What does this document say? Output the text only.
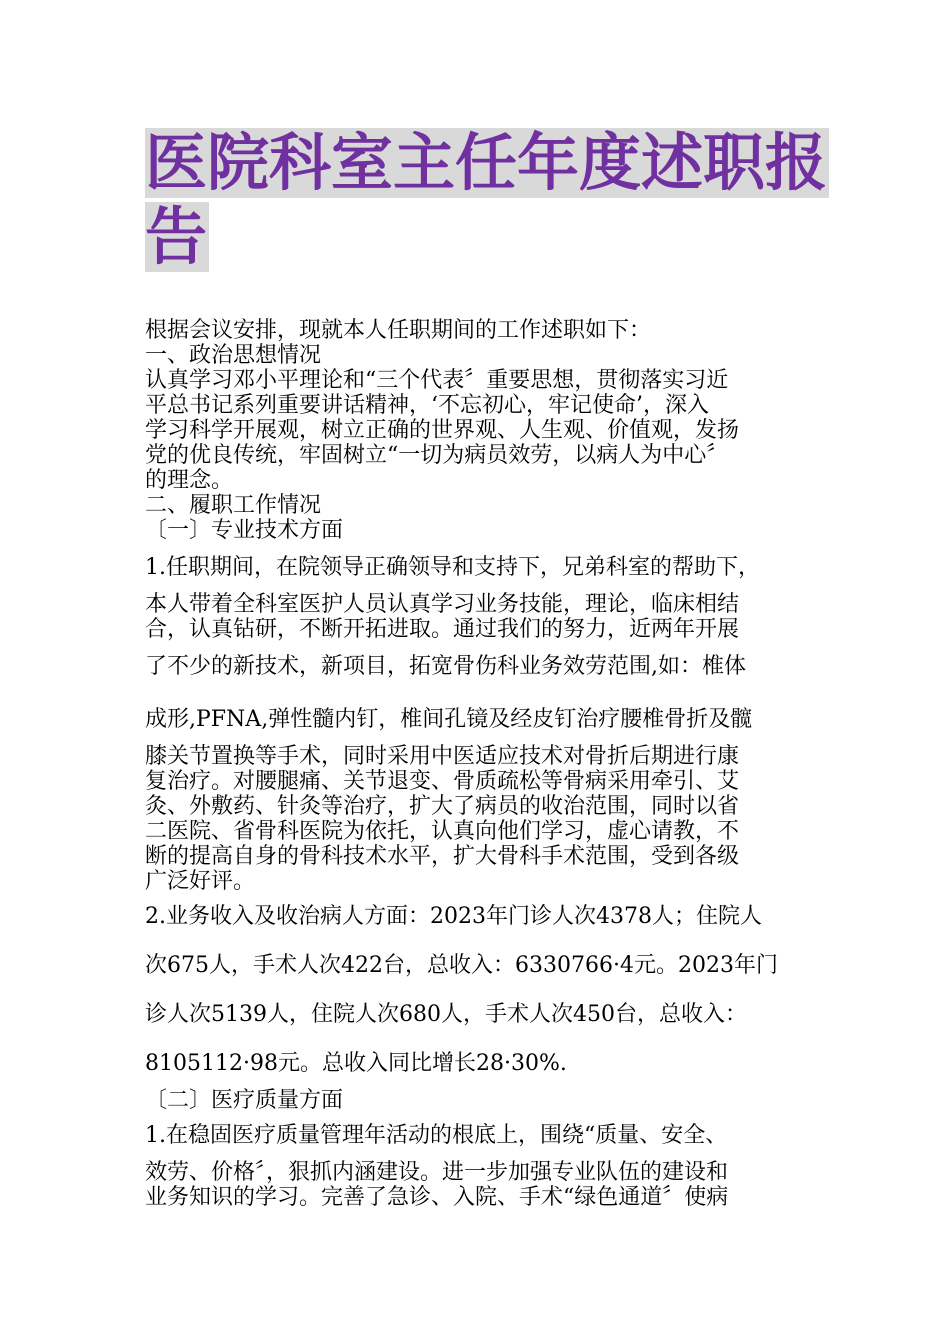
医院科室主任年度述职报
告

根据会议安排，现就本人任职期间的工作述职如下：

一、政治思想情况

认真学习邓小平理论和“三个代表〞重要思想，贯彻落实习近

平总书记系列重要讲话精神，‘不忘初心，牢记使命’，深入

学习科学开展观，树立正确的世界观、人生观、价值观，发扬

党的优良传统，牢固树立“一切为病员效劳，以病人为中心〞

的理念。

二、履职工作情况

〔一〕专业技术方面

1.任职期间，在院领导正确领导和支持下，兄弟科室的帮助下，

本人带着全科室医护人员认真学习业务技能，理论，临床相结

合，认真钻研，不断开拓进取。通过我们的努力，近两年开展

了不少的新技术，新项目，拓宽骨伤科业务效劳范围,如：椎体

成形,PFNA,弹性髓内钉，椎间孔镜及经皮钉治疗腰椎骨折及髋

膝关节置换等手术，同时采用中医适应技术对骨折后期进行康

复治疗。对腰腿痛、关节退变、骨质疏松等骨病采用牵引、艾

灸、外敷药、针灸等治疗，扩大了病员的收治范围，同时以省

二医院、省骨科医院为依托，认真向他们学习，虚心请教，不

断的提高自身的骨科技术水平，扩大骨科手术范围，受到各级

广泛好评。

2.业务收入及收治病人方面：2023年门诊人次4378人；住院人

次675人，手术人次422台，总收入：6330766·4元。2023年门

诊人次5139人，住院人次680人，手术人次450台，总收入：

8105112·98元。总收入同比增长28·30%.

〔二〕医疗质量方面

1.在稳固医疗质量管理年活动的根底上，围绕“质量、安全、

效劳、价格〞，狠抓内涵建设。进一步加强专业队伍的建设和

业务知识的学习。完善了急诊、入院、手术“绿色通道〞使病
